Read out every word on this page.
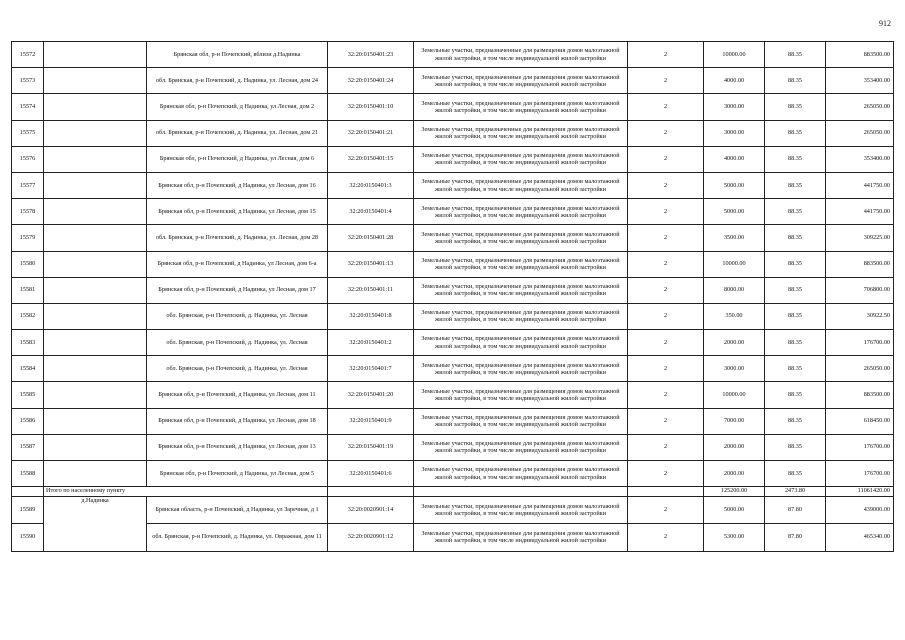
912
15572		Брянская обл, р-н Почепский, вблизи д.Надинка	32:20:0150401:23	Земельные участки, предназначенные для размещения домов малоэтажной жилой застройки, в том числе индивидуальной жилой застройки	2	10000.00	88.35	883500.00
15573		обл. Брянская, р-н Почепский, д. Надинка, ул. Лесная, дом 24	32:20:0150401:24	Земельные участки, предназначенные для размещения домов малоэтажной жилой застройки, в том числе индивидуальной жилой застройки	2	4000.00	88.35	353400.00
15574		Брянская обл, р-н Почепский, д Надинка, ул Лесная, дом 2	32:20:0150401:10	Земельные участки, предназначенные для размещения домов малоэтажной жилой застройки, в том числе индивидуальной жилой застройки	2	3000.00	88.35	265050.00
15575		обл. Брянская, р-н Почепский, д. Надинка, ул. Лесная, дом 21	32:20:0150401:21	Земельные участки, предназначенные для размещения домов малоэтажной жилой застройки, в том числе индивидуальной жилой застройки	2	3000.00	88.35	265050.00
15576		Брянская обл, р-н Почепский, д Надинка, ул Лесная, дом 6	32:20:0150401:15	Земельные участки, предназначенные для размещения домов малоэтажной жилой застройки, в том числе индивидуальной жилой застройки	2	4000.00	88.35	353400.00
15577		Брянская обл, р-н Почепский, д Надинка, ул Лесная, дом 16	32:20:0150401:3	Земельные участки, предназначенные для размещения домов малоэтажной жилой застройки, в том числе индивидуальной жилой застройки	2	5000.00	88.35	441750.00
15578		Брянская обл, р-н Почепский, д Надинка, ул Лесная, дом 15	32:20:0150401:4	Земельные участки, предназначенные для размещения домов малоэтажной жилой застройки, в том числе индивидуальной жилой застройки	2	5000.00	88.35	441750.00
15579		обл. Брянская, р-н Почепский, д. Надинка, ул. Лесная, дом 28	32:20:0150401:28	Земельные участки, предназначенные для размещения домов малоэтажной жилой застройки, в том числе индивидуальной жилой застройки	2	3500.00	88.35	309225.00
15580		Брянская обл, р-н Почепский, д Надинка, ул Лесная, дом 6-а	32:20:0150401:13	Земельные участки, предназначенные для размещения домов малоэтажной жилой застройки, в том числе индивидуальной жилой застройки	2	10000.00	88.35	883500.00
15581		Брянская обл, р-н Почепский, д Надинка, ул Лесная, дом 17	32:20:0150401:11	Земельные участки, предназначенные для размещения домов малоэтажной жилой застройки, в том числе индивидуальной жилой застройки	2	8000.00	88.35	706800.00
15582		обл. Брянская, р-н Почепский, д. Надинка, ул. Лесная	32:20:0150401:8	Земельные участки, предназначенные для размещения домов малоэтажной жилой застройки, в том числе индивидуальной жилой застройки	2	350.00	88.35	30922.50
15583		обл. Брянская, р-н Почепский, д. Надинка, ул. Лесная	32:20:0150401:2	Земельные участки, предназначенные для размещения домов малоэтажной жилой застройки, в том числе индивидуальной жилой застройки	2	2000.00	88.35	176700.00
15584		обл. Брянская, р-н Почепский, д. Надинка, ул. Лесная	32:20:0150401:7	Земельные участки, предназначенные для размещения домов малоэтажной жилой застройки, в том числе индивидуальной жилой застройки	2	3000.00	88.35	265050.00
15585		Брянская обл, р-н Почепский, д Надинка, ул Лесная, дом 11	32:20:0150401:20	Земельные участки, предназначенные для размещения домов малоэтажной жилой застройки, в том числе индивидуальной жилой застройки	2	10000.00	88.35	883500.00
15586		Брянская обл, р-н Почепский, д Надинка, ул Лесная, дом 18	32:20:0150401:9	Земельные участки, предназначенные для размещения домов малоэтажной жилой застройки, в том числе индивидуальной жилой застройки	2	7000.00	88.35	618450.00
15587		Брянская обл, р-н Почепский, д Надинка, ул Лесная, дом 13	32:20:0150401:19	Земельные участки, предназначенные для размещения домов малоэтажной жилой застройки, в том числе индивидуальной жилой застройки	2	2000.00	88.35	176700.00
15588		Брянская обл, р-н Почепский, д Надинка, ул Лесная, дом 5	32:20:0150401:6	Земельные участки, предназначенные для размещения домов малоэтажной жилой застройки, в том числе индивидуальной жилой застройки	2	2000.00	88.35	176700.00
	Итого по населенному пункту					125200.00	2473.80	11061420.00
15589	д.Надинка	Брянская область, р-н Почепский, д Надинка, ул Заречная, д 1	32:20:0020901:14	Земельные участки, предназначенные для размещения домов малоэтажной жилой застройки, в том числе индивидуальной жилой застройки	2	5000.00	87.80	439000.00
15590		обл. Брянская, р-н Почепский, д. Надинка, ул. Овражная, дом 11	32:20:0020901:12	Земельные участки, предназначенные для размещения домов малоэтажной жилой застройки, в том числе индивидуальной жилой застройки	2	5300.00	87.80	465340.00
